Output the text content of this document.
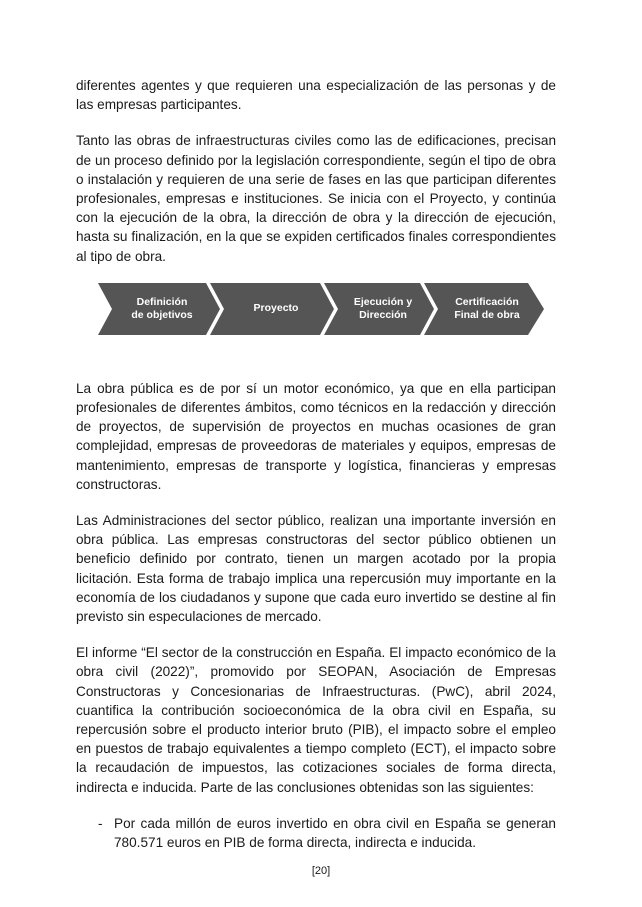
diferentes agentes y que requieren una especialización de las personas y de las empresas participantes.

Tanto las obras de infraestructuras civiles como las de edificaciones, precisan de un proceso definido por la legislación correspondiente, según el tipo de obra o instalación y requieren de una serie de fases en las que participan diferentes profesionales, empresas e instituciones. Se inicia con el Proyecto, y continúa con la ejecución de la obra, la dirección de obra y la dirección de ejecución, hasta su finalización, en la que se expiden certificados finales correspondientes al tipo de obra.

Definición
de objetivos
Proyecto
Ejecución y
Dirección
Certificación
Final de obra

La obra pública es de por sí un motor económico, ya que en ella participan profesionales de diferentes ámbitos, como técnicos en la redacción y dirección de proyectos, de supervisión de proyectos en muchas ocasiones de gran complejidad, empresas de proveedoras de materiales y equipos, empresas de mantenimiento, empresas de transporte y logística, financieras y empresas constructoras.

Las Administraciones del sector público, realizan una importante inversión en obra pública. Las empresas constructoras del sector público obtienen un beneficio definido por contrato, tienen un margen acotado por la propia licitación. Esta forma de trabajo implica una repercusión muy importante en la economía de los ciudadanos y supone que cada euro invertido se destine al fin previsto sin especulaciones de mercado.

El informe “El sector de la construcción en España. El impacto económico de la obra civil (2022)”, promovido por SEOPAN, Asociación de Empresas Constructoras y Concesionarias de Infraestructuras. (PwC), abril 2024, cuantifica la contribución socioeconómica de la obra civil en España, su repercusión sobre el producto interior bruto (PIB), el impacto sobre el empleo en puestos de trabajo equivalentes a tiempo completo (ECT), el impacto sobre la recaudación de impuestos, las cotizaciones sociales de forma directa, indirecta e inducida. Parte de las conclusiones obtenidas son las siguientes:

- Por cada millón de euros invertido en obra civil en España se generan 780.571 euros en PIB de forma directa, indirecta e inducida.
[20]
